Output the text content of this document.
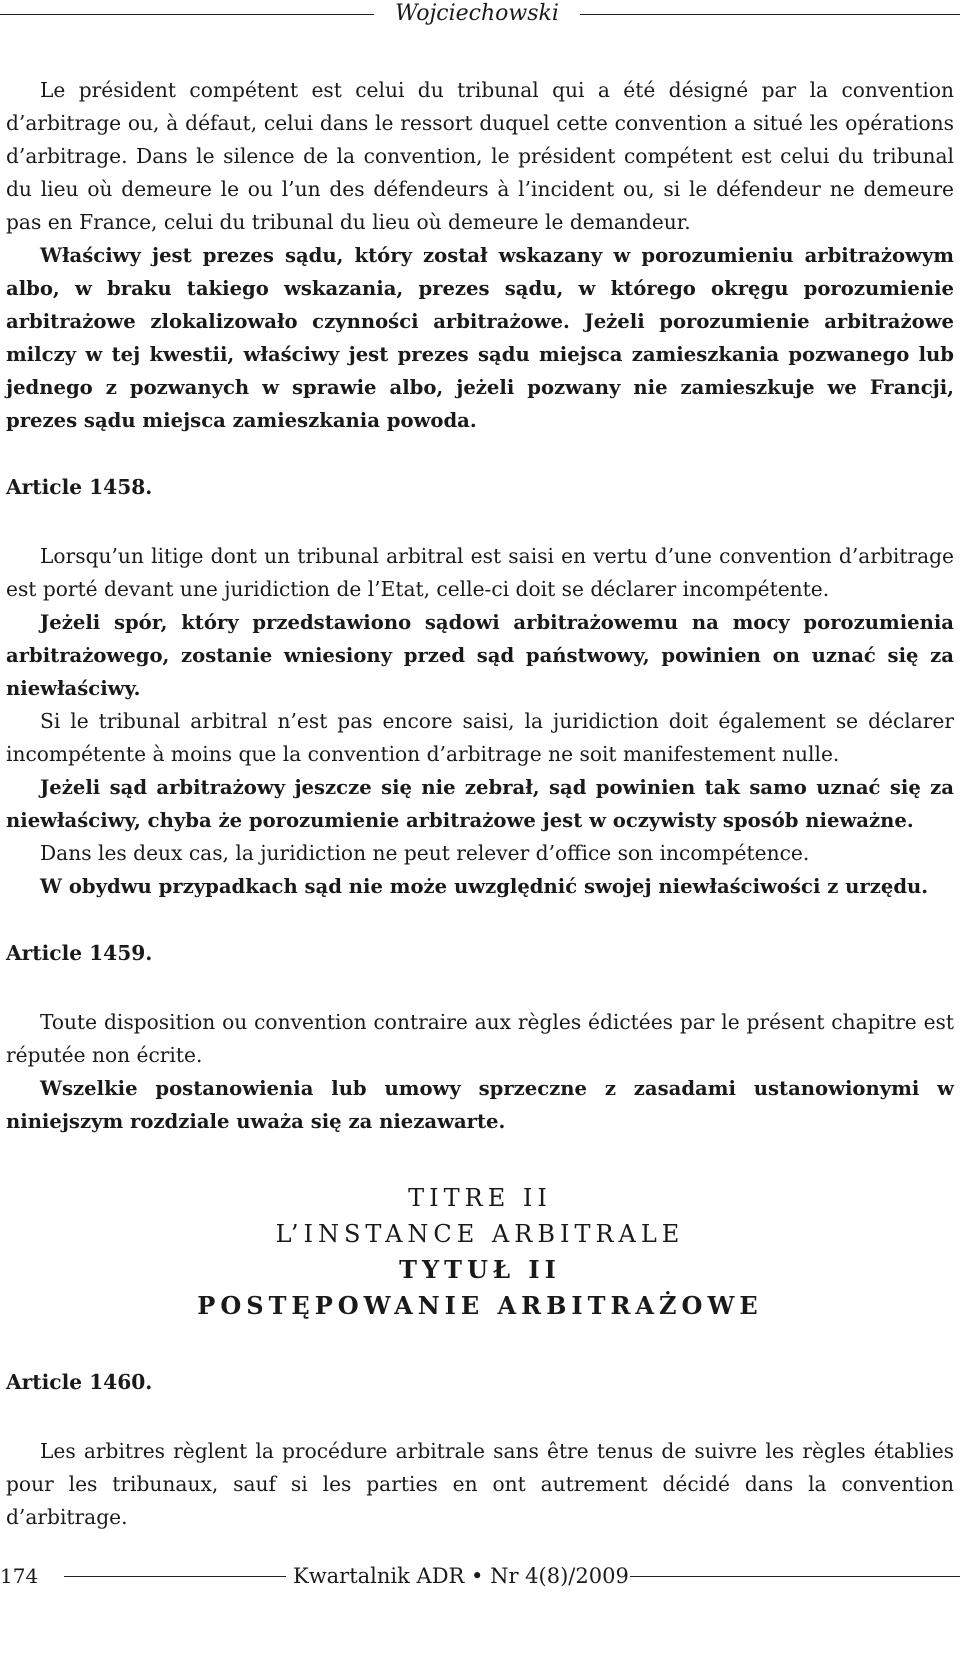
Wojciechowski

Le président compétent est celui du tribunal qui a été désigné par la convention d’arbitrage ou, à défaut, celui dans le ressort duquel cette convention a situé les opérations d’arbitrage. Dans le silence de la convention, le président compétent est celui du tribunal du lieu où demeure le ou l’un des défendeurs à l’incident ou, si le défendeur ne demeure pas en France, celui du tribunal du lieu où demeure le demandeur.

Właściwy jest prezes sądu, który został wskazany w porozumieniu arbitrażowym albo, w braku takiego wskazania, prezes sądu, w którego okręgu porozumienie arbitrażowe zlokalizowało czynności arbitrażowe. Jeżeli porozumienie arbitrażowe milczy w tej kwestii, właściwy jest prezes sądu miejsca zamieszkania pozwanego lub jednego z pozwanych w sprawie albo, jeżeli pozwany nie zamieszkuje we Francji, prezes sądu miejsca zamieszkania powoda.

Article 1458.

Lorsqu’un litige dont un tribunal arbitral est saisi en vertu d’une convention d’arbitrage est porté devant une juridiction de l’Etat, celle-ci doit se déclarer incompétente.

Jeżeli spór, który przedstawiono sądowi arbitrażowemu na mocy porozumienia arbitrażowego, zostanie wniesiony przed sąd państwowy, powinien on uznać się za niewłaściwy.

Si le tribunal arbitral n’est pas encore saisi, la juridiction doit également se déclarer incompétente à moins que la convention d’arbitrage ne soit manifestement nulle.

Jeżeli sąd arbitrażowy jeszcze się nie zebrał, sąd powinien tak samo uznać się za niewłaściwy, chyba że porozumienie arbitrażowe jest w oczywisty sposób nieważne.

Dans les deux cas, la juridiction ne peut relever d’office son incompétence.

W obydwu przypadkach sąd nie może uwzględnić swojej niewłaściwości z urzędu.

Article 1459.

Toute disposition ou convention contraire aux règles édictées par le présent chapitre est réputée non écrite.

Wszelkie postanowienia lub umowy sprzeczne z zasadami ustanowionymi w niniejszym rozdziale uważa się za niezawarte.

TITRE II
L’INSTANCE ARBITRALE
TYTUŁ II
POSTĘPOWANIE ARBITRAŻOWE
Article 1460.

Les arbitres règlent la procédure arbitrale sans être tenus de suivre les règles établies pour les tribunaux, sauf si les parties en ont autrement décidé dans la convention d’arbitrage.

174	Kwartalnik ADR • Nr 4(8)/2009
